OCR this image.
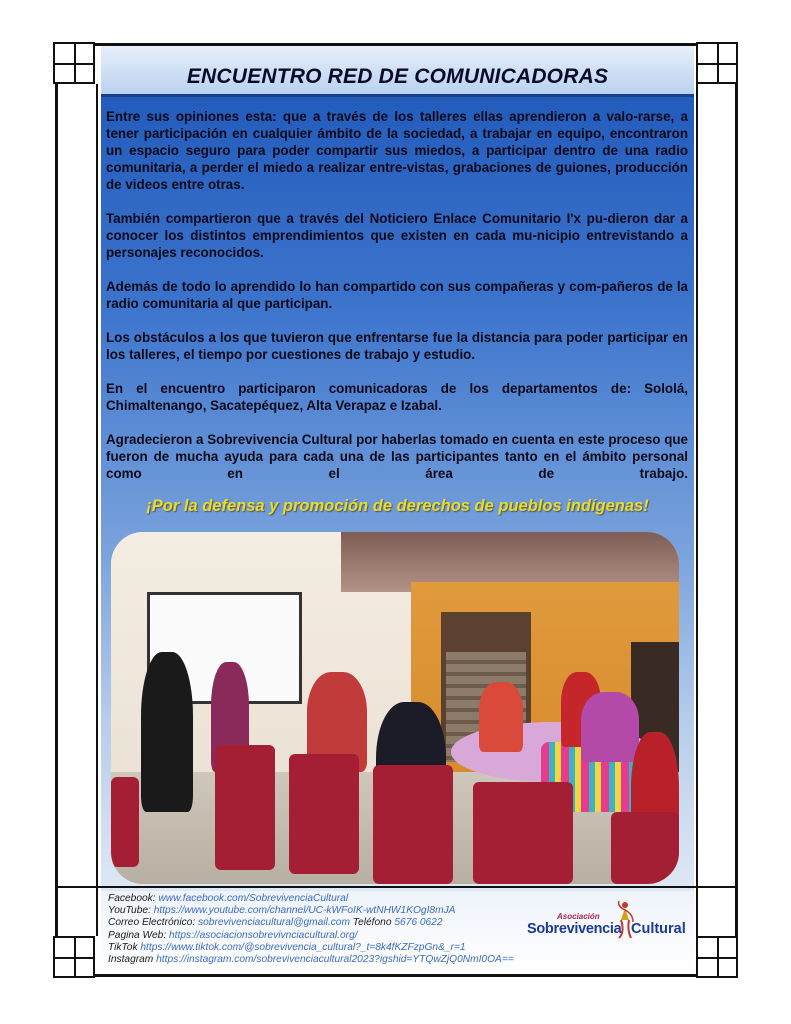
ENCUENTRO RED DE COMUNICADORAS

Entre sus opiniones esta: que a través de los talleres ellas aprendieron a valo-rarse, a tener participación en cualquier ámbito de la sociedad, a trabajar en equipo, encontraron un espacio seguro para poder compartir sus miedos, a participar dentro de una radio comunitaria, a perder el miedo a realizar entre-vistas, grabaciones de guiones, producción de videos entre otras.

También compartieron que a través del Noticiero Enlace Comunitario I'x pu-dieron dar a conocer los distintos emprendimientos que existen en cada mu-nicipio entrevistando a personajes reconocidos.

Además de todo lo aprendido lo han compartido con sus compañeras y com-pañeros de la radio comunitaria al que participan.

Los obstáculos a los que tuvieron que enfrentarse fue la distancia para poder participar en los talleres, el tiempo por cuestiones de trabajo y estudio.

En el encuentro participaron comunicadoras de los departamentos de: Sololá, Chimaltenango, Sacatepéquez, Alta Verapaz e Izabal.

Agradecieron a Sobrevivencia Cultural por haberlas tomado en cuenta en este proceso que fueron de mucha ayuda para cada una de las participantes tanto en el ámbito personal como en el área de trabajo.

¡Por la defensa y promoción de derechos de pueblos indígenas!
Facebook: www.facebook.com/SobrevivenciaCultural
YouTube: https://www.youtube.com/channel/UC-kWFoIK-wtNHW1KOgI8mJA
Correo Electrónico: sobrevivenciacultural@gmail.com Teléfono 5676 0622
Pagina Web: https://asociacionsobrevivnciacultural.org/
TikTok https://www.tiktok.com/@sobrevivencia_cultural?_t=8k4fKZFzpGn&_r=1
Instagram https://instagram.com/sobrevivenciacultural2023?igshid=YTQwZjQ0NmI0OA==
Asociación
Sobrevivencia Cultural
